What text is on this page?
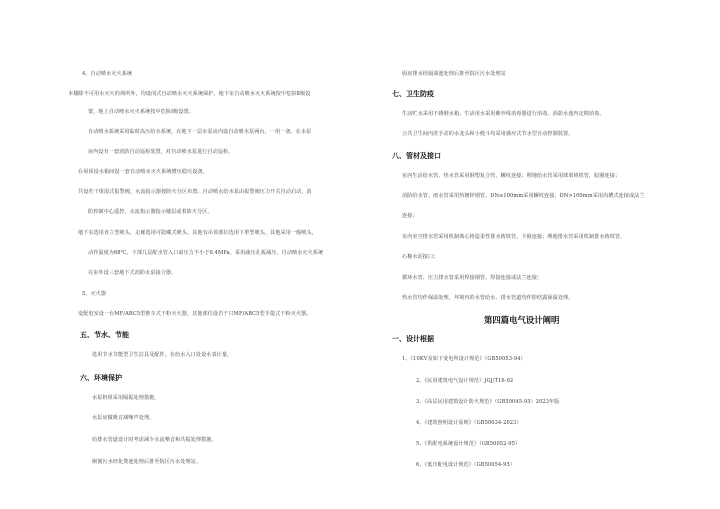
4、自动喷水灭火系统
本楼除不可用水灭火的场所外，均设闭式自动喷水灭火系统保护，地下室自动喷水灭火系统按中危险Ⅱ级设
置，地上自动喷水灭火系统按中危险Ⅰ级设置。
自动喷水系统采用临时高压给水系统。在地下一层水泵房内设自动喷水泵两台，一用一备。在水泵
房内设有一套消防自动巡检装置，对自动喷水泵进行自动巡检。
在屋顶设水箱间设一套自动喷水灭火系统增压稳压设备。
共设若干组湿式报警阀，水流指示器按防火分区布置。自动喷水给水泵由报警阀压力开关自动启动，消
防控制中心遥控，水流指示器指示楼层或着防火分区。
地下室选用直立型喷头，走廊选用可隐藏式喷头，其他有吊顶部位选用下垂型喷头。其他采用一般喷头，
动作温度为68℃。下部几层配水管入口前压力不小于0.4MPa，采用减压孔板减压。自动喷水灭火系统
在室外设三套地下式消防水泵接合器。
5、灭火器
变配电室设一台MF/ABC5型推车式干粉灭火器，其他部位设若干只MF/ABC5型手提式干粉灭火器。
五、节水、节能
选用节水节能型卫生洁具及配件。在给水入口处设水表计量。
六、环境保护
水泵机组采用隔振处理措施。
水泵房做吸音减噪声处理。
给排水管道设计时考虑减少水流噪音和共振处理措施。
厕便污水经化粪池处理后排至院区污水处理站。
厨房排水经隔油池处理后排至院区污水处理站
七、卫生防疫
生活贮水采用不锈钢水箱。生活用水采用紫外线消毒器进行消毒。消防水池内定期消毒。
公共卫生间内洗手盆的水龙头和小便斗均采用感应式节水型自动控制装置。
八、管材及接口
室内生活给水管、热水管采用钢塑复合管，螺纹连接；埋地给水管采用球墨铸铁管，胶圈连接；
消防给水管、雨水管采用热镀锌钢管，DN≤100mm采用螺纹连接，DN>100mm采用沟槽式连接或法兰
连接；
室内室空排水管采用机制离心铸造柔性排水铸铁管，卡箍连接；埋地排水管采用机制排水铸铁管，
石棉水泥接口；
循环水管、压力排水管采用焊接钢管，焊接连接或法兰连接；
热水管均作保温处理，坏境内的水管给水、排水管道均作防结露保温处理。
第四篇电气设计阐明
一、设计根据
1、《10KV及如下变电所设计规范》（GB50053-94）
2、《民用建筑电气设计规范》JGJ/T16-92
3、《高层民用建筑设计防火规范》（GB50045-95）2023年版
4、《建筑照明设计原则》（GB50034-2023）
5、《供配电系统设计规范》（GB50052-95）
6、《低压配电设计规范》（GB50054-95）
